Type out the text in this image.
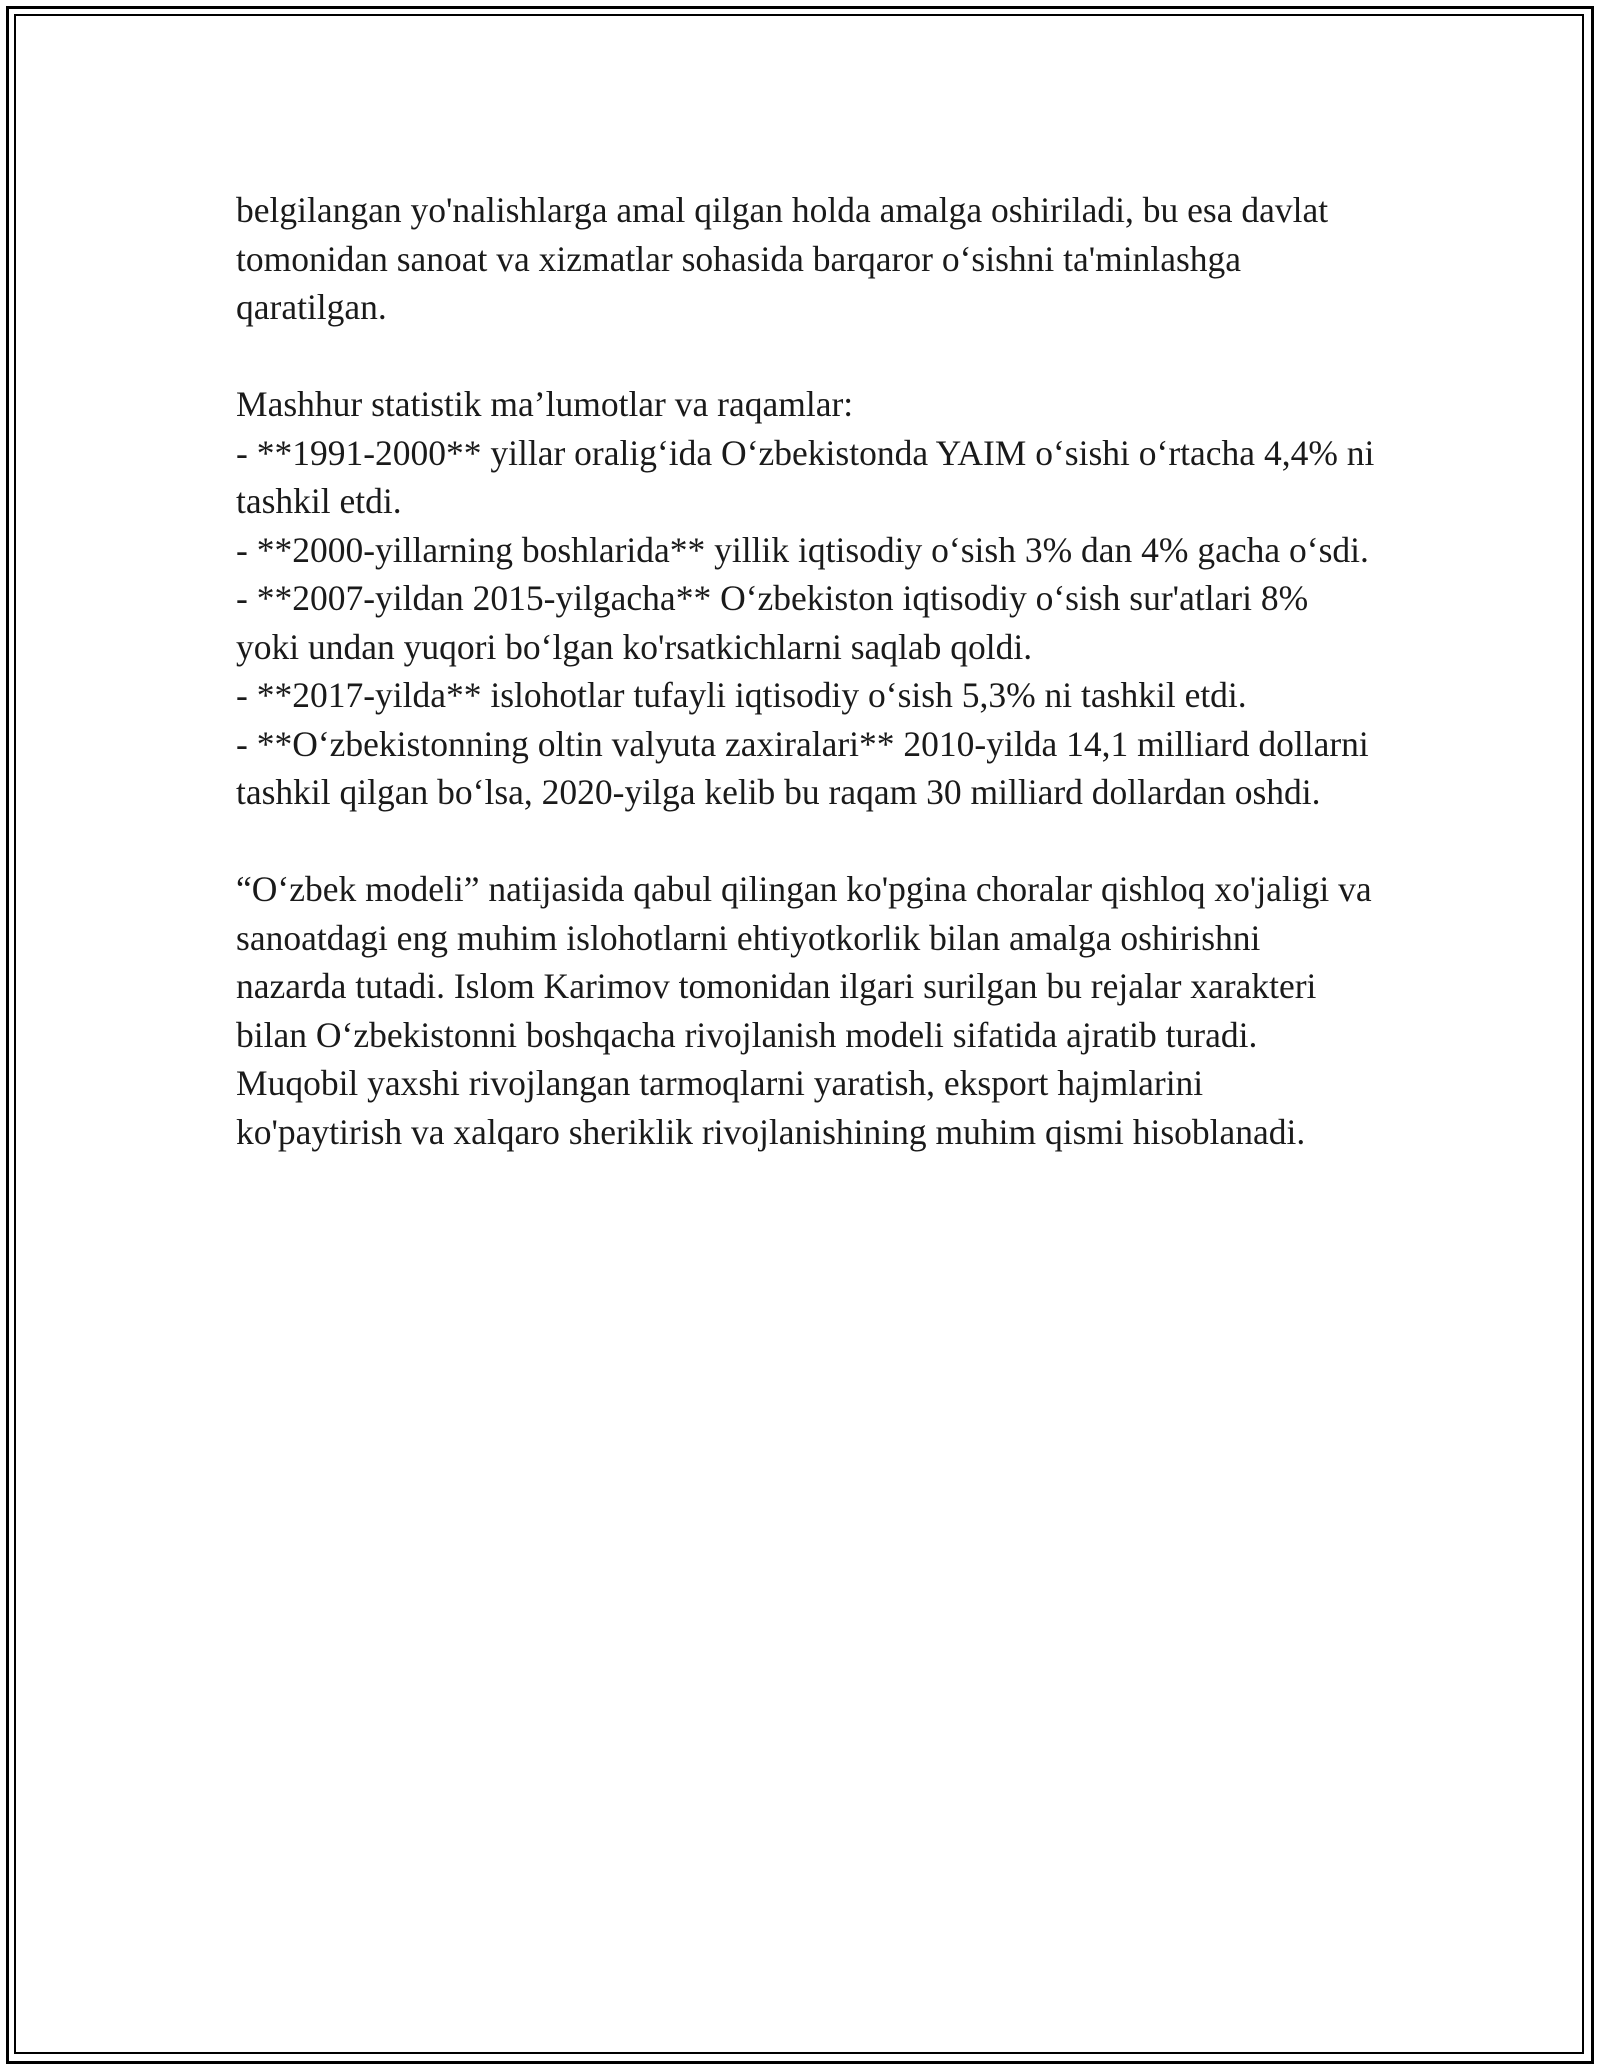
belgilangan yo'nalishlarga amal qilgan holda amalga oshiriladi, bu esa davlat tomonidan sanoat va xizmatlar sohasida barqaror o‘sishni ta'minlashga qaratilgan.

Mashhur statistik ma’lumotlar va raqamlar:

- **1991-2000** yillar oralig‘ida O‘zbekistonda YAIM o‘sishi o‘rtacha 4,4% ni tashkil etdi.
- **2000-yillarning boshlarida** yillik iqtisodiy o‘sish 3% dan 4% gacha o‘sdi.
- **2007-yildan 2015-yilgacha** O‘zbekiston iqtisodiy o‘sish sur'atlari 8% yoki undan yuqori bo‘lgan ko'rsatkichlarni saqlab qoldi.
- **2017-yilda** islohotlar tufayli iqtisodiy o‘sish 5,3% ni tashkil etdi.
- **O‘zbekistonning oltin valyuta zaxiralari** 2010-yilda 14,1 milliard dollarni tashkil qilgan bo‘lsa, 2020-yilga kelib bu raqam 30 milliard dollardan oshdi.

“O‘zbek modeli” natijasida qabul qilingan ko'pgina choralar qishloq xo'jaligi va sanoatdagi eng muhim islohotlarni ehtiyotkorlik bilan amalga oshirishni nazarda tutadi. Islom Karimov tomonidan ilgari surilgan bu rejalar xarakteri bilan O‘zbekistonni boshqacha rivojlanish modeli sifatida ajratib turadi. Muqobil yaxshi rivojlangan tarmoqlarni yaratish, eksport hajmlarini ko'paytirish va xalqaro sheriklik rivojlanishining muhim qismi hisoblanadi.
